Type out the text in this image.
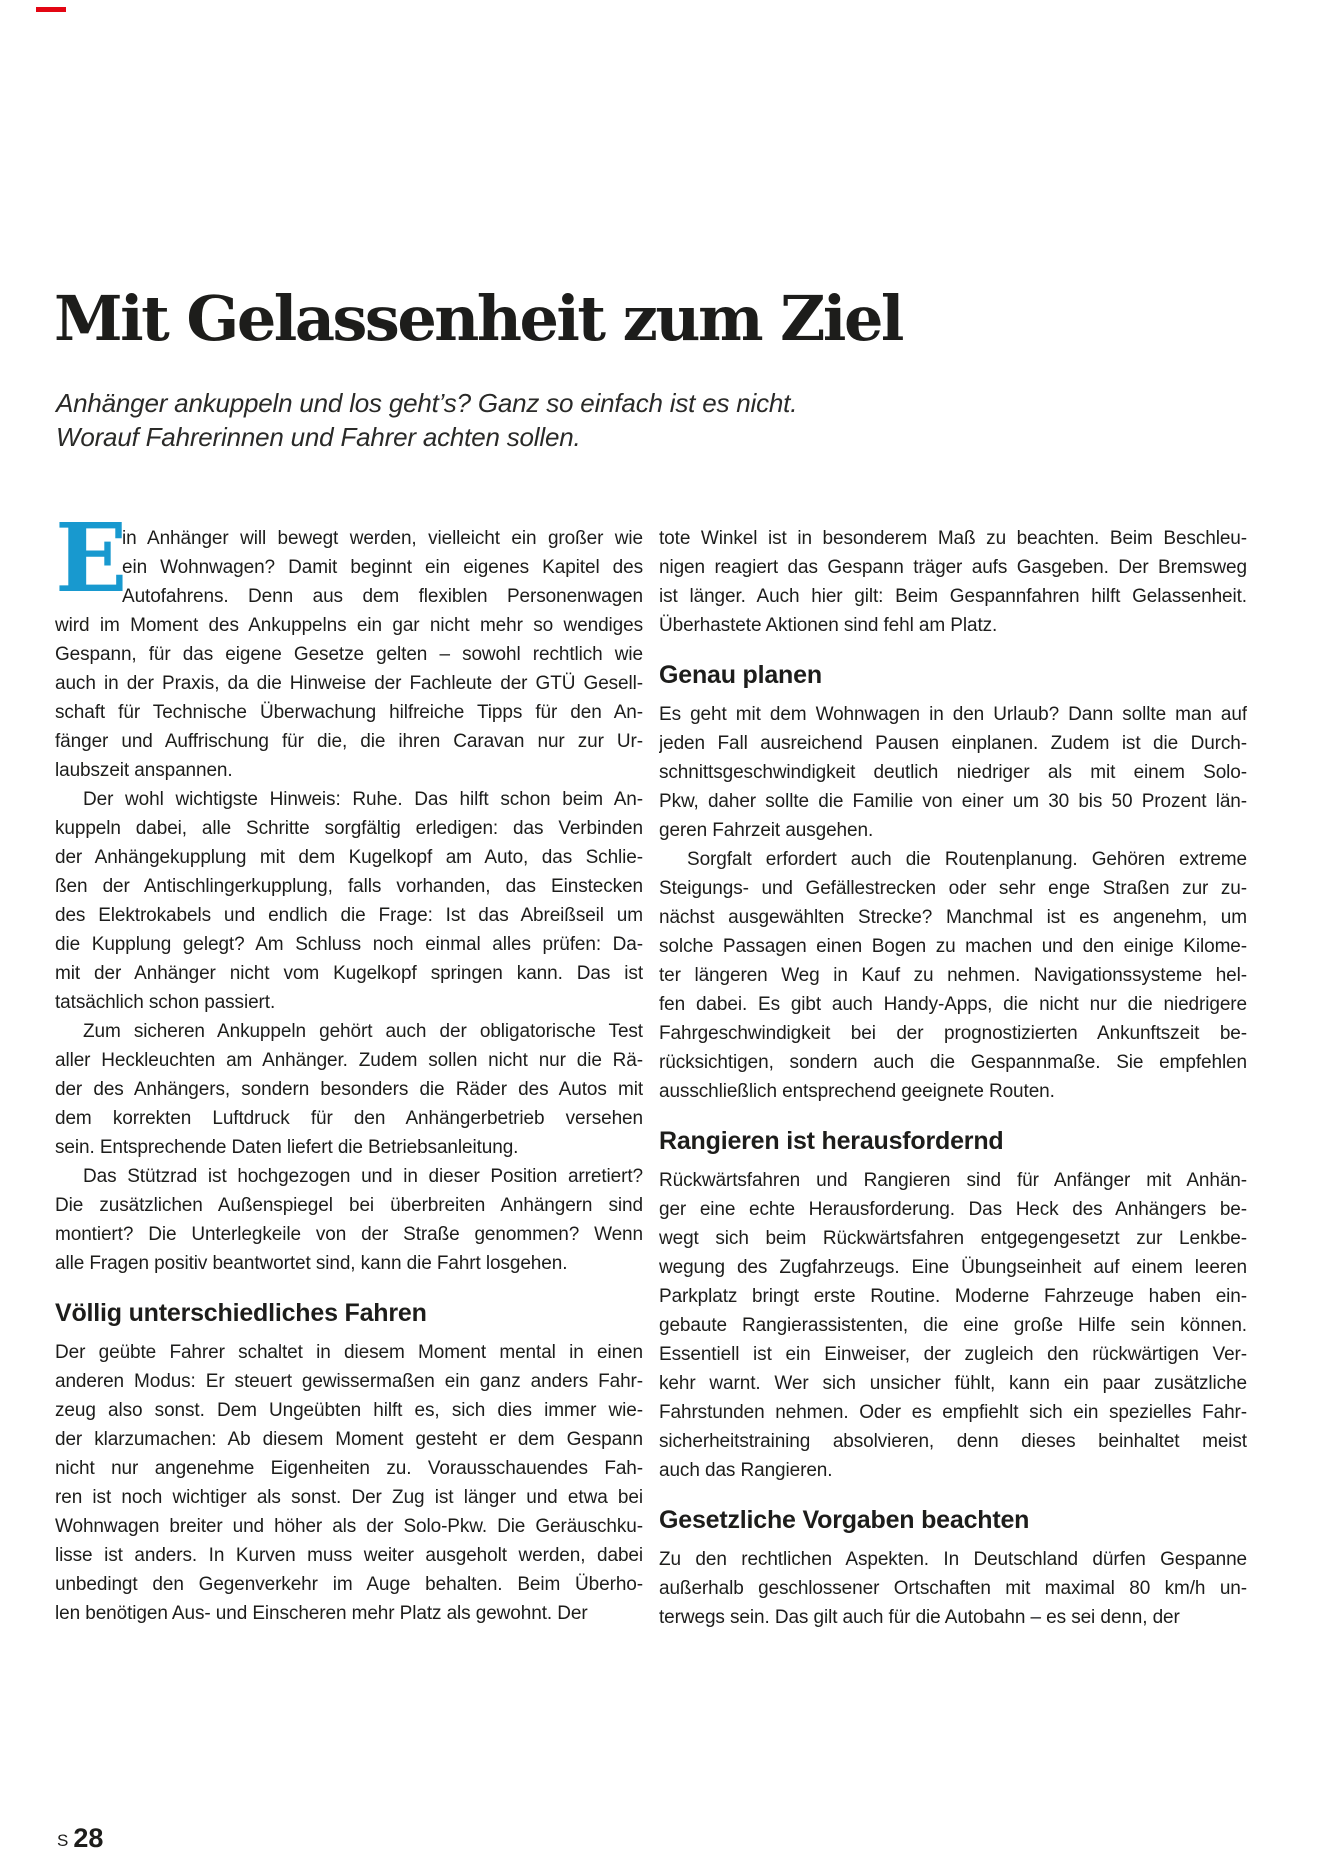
Mit Gelassenheit zum Ziel
Anhänger ankuppeln und los geht’s? Ganz so einfach ist es nicht.
Worauf Fahrerinnen und Fahrer achten sollen.
E
in Anhänger will bewegt werden, vielleicht ein großer wie
ein Wohnwagen? Damit beginnt ein eigenes Kapitel des
Autofahrens. Denn aus dem flexiblen Personenwagen
wird im Moment des Ankuppelns ein gar nicht mehr so wendiges
Gespann, für das eigene Gesetze gelten – sowohl rechtlich wie
auch in der Praxis, da die Hinweise der Fachleute der GTÜ Gesell-
schaft für Technische Überwachung hilfreiche Tipps für den An-
fänger und Auffrischung für die, die ihren Caravan nur zur Ur-
laubszeit anspannen.
Der wohl wichtigste Hinweis: Ruhe. Das hilft schon beim An-
kuppeln dabei, alle Schritte sorgfältig erledigen: das Verbinden
der Anhängekupplung mit dem Kugelkopf am Auto, das Schlie-
ßen der Antischlingerkupplung, falls vorhanden, das Einstecken
des Elektrokabels und endlich die Frage: Ist das Abreißseil um
die Kupplung gelegt? Am Schluss noch einmal alles prüfen: Da-
mit der Anhänger nicht vom Kugelkopf springen kann. Das ist
tatsächlich schon passiert.
Zum sicheren Ankuppeln gehört auch der obligatorische Test
aller Heckleuchten am Anhänger. Zudem sollen nicht nur die Rä-
der des Anhängers, sondern besonders die Räder des Autos mit
dem korrekten Luftdruck für den Anhängerbetrieb versehen
sein. Entsprechende Daten liefert die Betriebsanleitung.
Das Stützrad ist hochgezogen und in dieser Position arretiert?
Die zusätzlichen Außenspiegel bei überbreiten Anhängern sind
montiert? Die Unterlegkeile von der Straße genommen? Wenn
alle Fragen positiv beantwortet sind, kann die Fahrt losgehen.
Völlig unterschiedliches Fahren
Der geübte Fahrer schaltet in diesem Moment mental in einen
anderen Modus: Er steuert gewissermaßen ein ganz anders Fahr-
zeug also sonst. Dem Ungeübten hilft es, sich dies immer wie-
der klarzumachen: Ab diesem Moment gesteht er dem Gespann
nicht nur angenehme Eigenheiten zu. Vorausschauendes Fah-
ren ist noch wichtiger als sonst. Der Zug ist länger und etwa bei
Wohnwagen breiter und höher als der Solo-Pkw. Die Geräuschku-
lisse ist anders. In Kurven muss weiter ausgeholt werden, dabei
unbedingt den Gegenverkehr im Auge behalten. Beim Überho-
len benötigen Aus- und Einscheren mehr Platz als gewohnt. Der
tote Winkel ist in besonderem Maß zu beachten. Beim Beschleu-
nigen reagiert das Gespann träger aufs Gasgeben. Der Bremsweg
ist länger. Auch hier gilt: Beim Gespannfahren hilft Gelassenheit.
Überhastete Aktionen sind fehl am Platz.
Genau planen
Es geht mit dem Wohnwagen in den Urlaub? Dann sollte man auf
jeden Fall ausreichend Pausen einplanen. Zudem ist die Durch-
schnittsgeschwindigkeit deutlich niedriger als mit einem Solo-
Pkw, daher sollte die Familie von einer um 30 bis 50 Prozent län-
geren Fahrzeit ausgehen.
Sorgfalt erfordert auch die Routenplanung. Gehören extreme
Steigungs- und Gefällestrecken oder sehr enge Straßen zur zu-
nächst ausgewählten Strecke? Manchmal ist es angenehm, um
solche Passagen einen Bogen zu machen und den einige Kilome-
ter längeren Weg in Kauf zu nehmen. Navigationssysteme hel-
fen dabei. Es gibt auch Handy-Apps, die nicht nur die niedrigere
Fahrgeschwindigkeit bei der prognostizierten Ankunftszeit be-
rücksichtigen, sondern auch die Gespannmaße. Sie empfehlen
ausschließlich entsprechend geeignete Routen.
Rangieren ist herausfordernd
Rückwärtsfahren und Rangieren sind für Anfänger mit Anhän-
ger eine echte Herausforderung. Das Heck des Anhängers be-
wegt sich beim Rückwärtsfahren entgegengesetzt zur Lenkbe-
wegung des Zugfahrzeugs. Eine Übungseinheit auf einem leeren
Parkplatz bringt erste Routine. Moderne Fahrzeuge haben ein-
gebaute Rangierassistenten, die eine große Hilfe sein können.
Essentiell ist ein Einweiser, der zugleich den rückwärtigen Ver-
kehr warnt. Wer sich unsicher fühlt, kann ein paar zusätzliche
Fahrstunden nehmen. Oder es empfiehlt sich ein spezielles Fahr-
sicherheitstraining absolvieren, denn dieses beinhaltet meist
auch das Rangieren.
Gesetzliche Vorgaben beachten
Zu den rechtlichen Aspekten. In Deutschland dürfen Gespanne
außerhalb geschlossener Ortschaften mit maximal 80 km/h un-
terwegs sein. Das gilt auch für die Autobahn – es sei denn, der
S 28
